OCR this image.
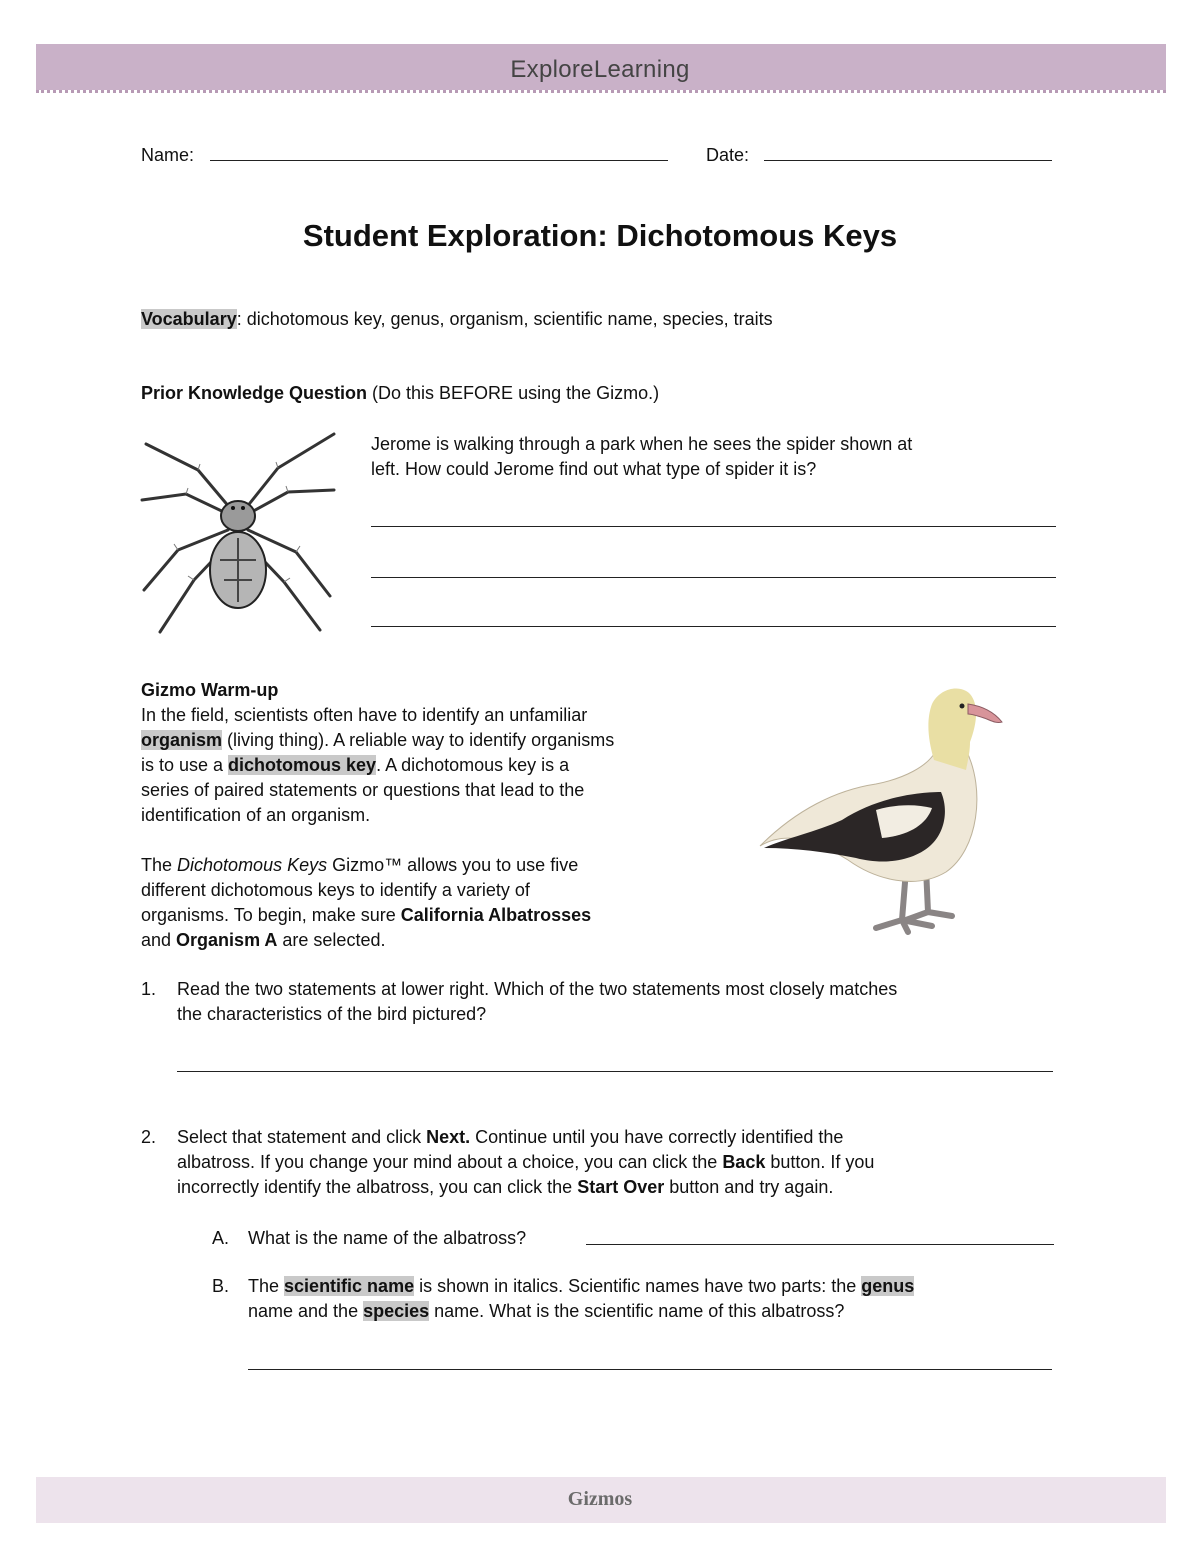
ExploreLearning
Name:	Date:
Student Exploration: Dichotomous Keys
Vocabulary: dichotomous key, genus, organism, scientific name, species, traits
Prior Knowledge Question (Do this BEFORE using the Gizmo.)
Jerome is walking through a park when he sees the spider shown at
left. How could Jerome find out what type of spider it is?
Gizmo Warm-up
In the field, scientists often have to identify an unfamiliar
organism (living thing). A reliable way to identify organisms
is to use a dichotomous key. A dichotomous key is a
series of paired statements or questions that lead to the
identification of an organism.
The Dichotomous Keys Gizmo™ allows you to use five
different dichotomous keys to identify a variety of
organisms. To begin, make sure California Albatrosses
and Organism A are selected.
1. Read the two statements at lower right. Which of the two statements most closely matches
the characteristics of the bird pictured?
2. Select that statement and click Next. Continue until you have correctly identified the
albatross. If you change your mind about a choice, you can click the Back button. If you
incorrectly identify the albatross, you can click the Start Over button and try again.
A. What is the name of the albatross?
B. The scientific name is shown in italics. Scientific names have two parts: the genus
name and the species name. What is the scientific name of this albatross?
Gizmos
